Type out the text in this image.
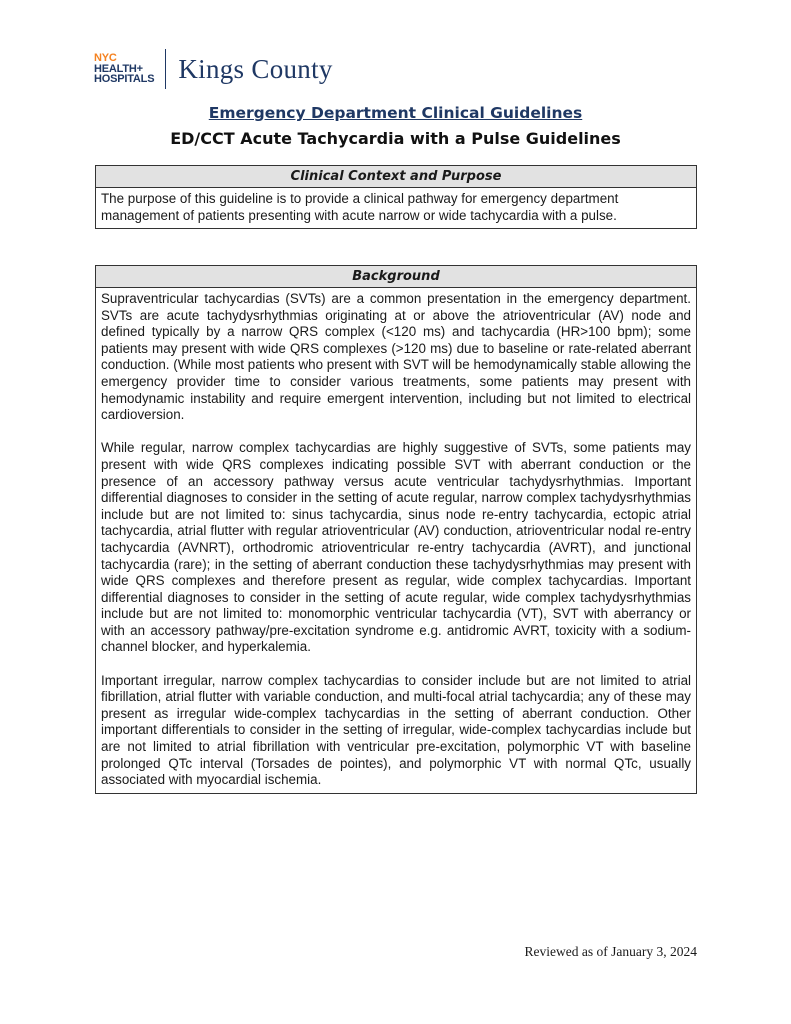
NYC
HEALTH+
HOSPITALS Kings County
Emergency Department Clinical Guidelines
ED/CCT Acute Tachycardia with a Pulse Guidelines
Clinical Context and Purpose

The purpose of this guideline is to provide a clinical pathway for emergency department management of patients presenting with acute narrow or wide tachycardia with a pulse.

Background

Supraventricular tachycardias (SVTs) are a common presentation in the emergency department. SVTs are acute tachydysrhythmias originating at or above the atrioventricular (AV) node and defined typically by a narrow QRS complex (<120 ms) and tachycardia (HR>100 bpm); some patients may present with wide QRS complexes (>120 ms) due to baseline or rate-related aberrant conduction. (While most patients who present with SVT will be hemodynamically stable allowing the emergency provider time to consider various treatments, some patients may present with hemodynamic instability and require emergent intervention, including but not limited to electrical cardioversion.

While regular, narrow complex tachycardias are highly suggestive of SVTs, some patients may present with wide QRS complexes indicating possible SVT with aberrant conduction or the presence of an accessory pathway versus acute ventricular tachydysrhythmias. Important differential diagnoses to consider in the setting of acute regular, narrow complex tachydysrhythmias include but are not limited to: sinus tachycardia, sinus node re-entry tachycardia, ectopic atrial tachycardia, atrial flutter with regular atrioventricular (AV) conduction, atrioventricular nodal re-entry tachycardia (AVNRT), orthodromic atrioventricular re-entry tachycardia (AVRT), and junctional tachycardia (rare); in the setting of aberrant conduction these tachydysrhythmias may present with wide QRS complexes and therefore present as regular, wide complex tachycardias. Important differential diagnoses to consider in the setting of acute regular, wide complex tachydysrhythmias include but are not limited to: monomorphic ventricular tachycardia (VT), SVT with aberrancy or with an accessory pathway/pre-excitation syndrome e.g. antidromic AVRT, toxicity with a sodium-channel blocker, and hyperkalemia.

Important irregular, narrow complex tachycardias to consider include but are not limited to atrial fibrillation, atrial flutter with variable conduction, and multi-focal atrial tachycardia; any of these may present as irregular wide-complex tachycardias in the setting of aberrant conduction. Other important differentials to consider in the setting of irregular, wide-complex tachycardias include but are not limited to atrial fibrillation with ventricular pre-excitation, polymorphic VT with baseline prolonged QTc interval (Torsades de pointes), and polymorphic VT with normal QTc, usually associated with myocardial ischemia.

Reviewed as of January 3, 2024
